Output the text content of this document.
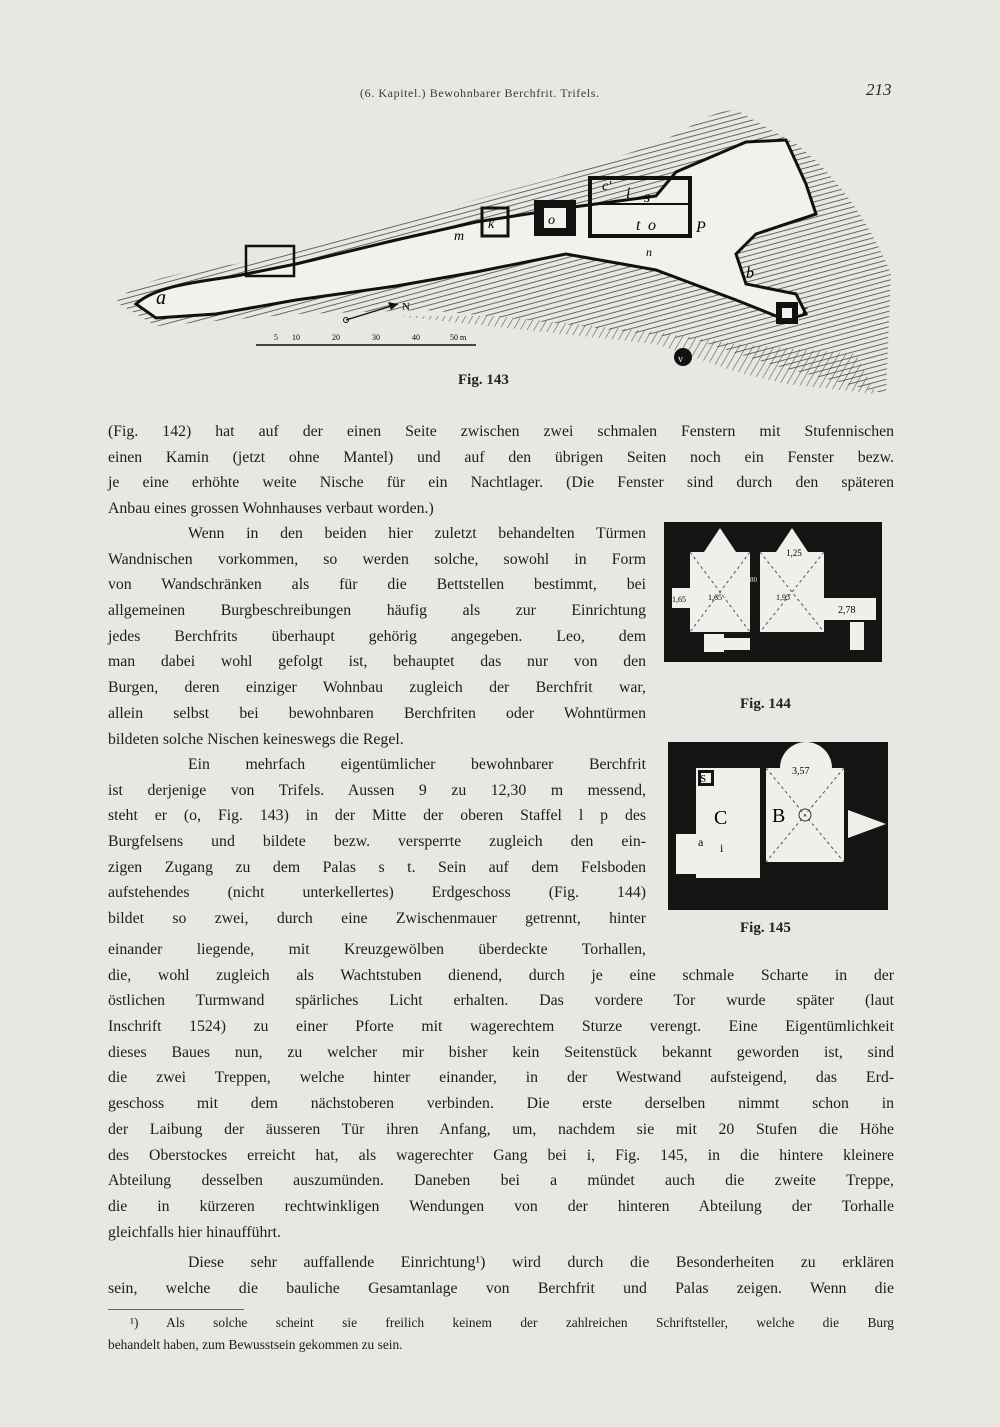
(6. Kapitel.) Bewohnbarer Berchfrit. Trifels.	213
a
m
k	o
c' i s
t o	P
n
b
r
v
N
5 10	20	30	40	50 m
Fig. 143
1,25
1,65	1,65
80
1,95
2,78
Fig. 144
S
C B
a i
3,57
Fig. 145
(Fig. 142) hat auf der einen Seite zwischen zwei schmalen Fenstern mit Stufennischen
einen Kamin (jetzt ohne Mantel) und auf den übrigen Seiten noch ein Fenster bezw.
je eine erhöhte weite Nische für ein Nachtlager. (Die Fenster sind durch den späteren
Anbau eines grossen Wohnhauses verbaut worden.)
Wenn in den beiden hier zuletzt behandelten Türmen
Wandnischen vorkommen, so werden solche, sowohl in Form
von Wandschränken als für die Bettstellen bestimmt, bei
allgemeinen Burgbeschreibungen häufig als zur Einrichtung
jedes Berchfrits überhaupt gehörig angegeben. Leo, dem
man dabei wohl gefolgt ist, behauptet das nur von den
Burgen, deren einziger Wohnbau zugleich der Berchfrit war,
allein selbst bei bewohnbaren Berchfriten oder Wohntürmen
bildeten solche Nischen keineswegs die Regel.
Ein mehrfach eigentümlicher bewohnbarer Berchfrit
ist derjenige von Trifels. Aussen 9 zu 12,30 m messend,
steht er (o, Fig. 143) in der Mitte der oberen Staffel l p des
Burgfelsens und bildete bezw. versperrte zugleich den ein-
zigen Zugang zu dem Palas s t. Sein auf dem Felsboden
aufstehendes (nicht unterkellertes) Erdgeschoss (Fig. 144)
bildet so zwei, durch eine Zwischenmauer getrennt, hinter
einander liegende, mit Kreuzgewölben überdeckte Torhallen,
die, wohl zugleich als Wachtstuben dienend, durch je eine schmale Scharte in der
östlichen Turmwand spärliches Licht erhalten. Das vordere Tor wurde später (laut
Inschrift 1524) zu einer Pforte mit wagerechtem Sturze verengt. Eine Eigentümlichkeit
dieses Baues nun, zu welcher mir bisher kein Seitenstück bekannt geworden ist, sind
die zwei Treppen, welche hinter einander, in der Westwand aufsteigend, das Erd-
geschoss mit dem nächstoberen verbinden. Die erste derselben nimmt schon in
der Laibung der äusseren Tür ihren Anfang, um, nachdem sie mit 20 Stufen die Höhe
des Oberstockes erreicht hat, als wagerechter Gang bei i, Fig. 145, in die hintere kleinere
Abteilung desselben auszumünden. Daneben bei a mündet auch die zweite Treppe,
die in kürzeren rechtwinkligen Wendungen von der hinteren Abteilung der Torhalle
gleichfalls hier hinaufführt.
Diese sehr auffallende Einrichtung¹) wird durch die Besonderheiten zu erklären
sein, welche die bauliche Gesamtanlage von Berchfrit und Palas zeigen. Wenn die
¹) Als solche scheint sie freilich keinem der zahlreichen Schriftsteller, welche die Burg
behandelt haben, zum Bewusstsein gekommen zu sein.
